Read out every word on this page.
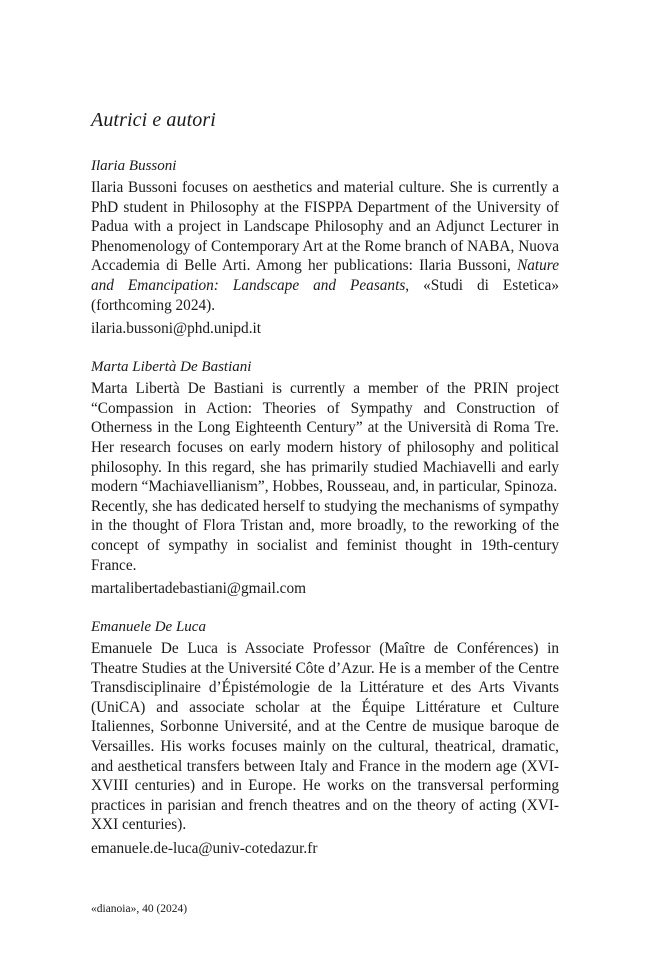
Autrici e autori
Ilaria Bussoni
Ilaria Bussoni focuses on aesthetics and material culture. She is currently a PhD student in Philosophy at the FISPPA Department of the University of Padua with a project in Landscape Philosophy and an Adjunct Lecturer in Phenomenology of Contemporary Art at the Rome branch of NABA, Nuova Accademia di Belle Arti. Among her publications: Ilaria Bussoni, Nature and Emancipation: Landscape and Peasants, «Studi di Estetica» (forthcoming 2024).
ilaria.bussoni@phd.unipd.it
Marta Libertà De Bastiani

Marta Libertà De Bastiani is currently a member of the PRIN project “Compassion in Action: Theories of Sympathy and Construction of Otherness in the Long Eighteenth Century” at the Università di Roma Tre. Her research focuses on early modern history of philosophy and political philosophy. In this regard, she has primarily studied Machiavelli and early modern “Machiavellianism”, Hobbes, Rousseau, and, in particular, Spinoza.

Recently, she has dedicated herself to studying the mechanisms of sympathy in the thought of Flora Tristan and, more broadly, to the reworking of the concept of sympathy in socialist and feminist thought in 19th-century France.

martalibertadebastiani@gmail.com
Emanuele De Luca
Emanuele De Luca is Associate Professor (Maître de Conférences) in Theatre Studies at the Université Côte d’Azur. He is a member of the Centre Transdisciplinaire d’Épistémologie de la Littérature et des Arts Vivants (UniCA) and associate scholar at the Équipe Littérature et Culture Italiennes, Sorbonne Université, and at the Centre de musique baroque de Versailles. His works focuses mainly on the cultural, theatrical, dramatic, and aesthetical transfers between Italy and France in the modern age (XVI-XVIII centuries) and in Europe. He works on the transversal performing practices in parisian and french theatres and on the theory of acting (XVI-XXI centuries).
emanuele.de-luca@univ-cotedazur.fr
«dianoia», 40 (2024)
